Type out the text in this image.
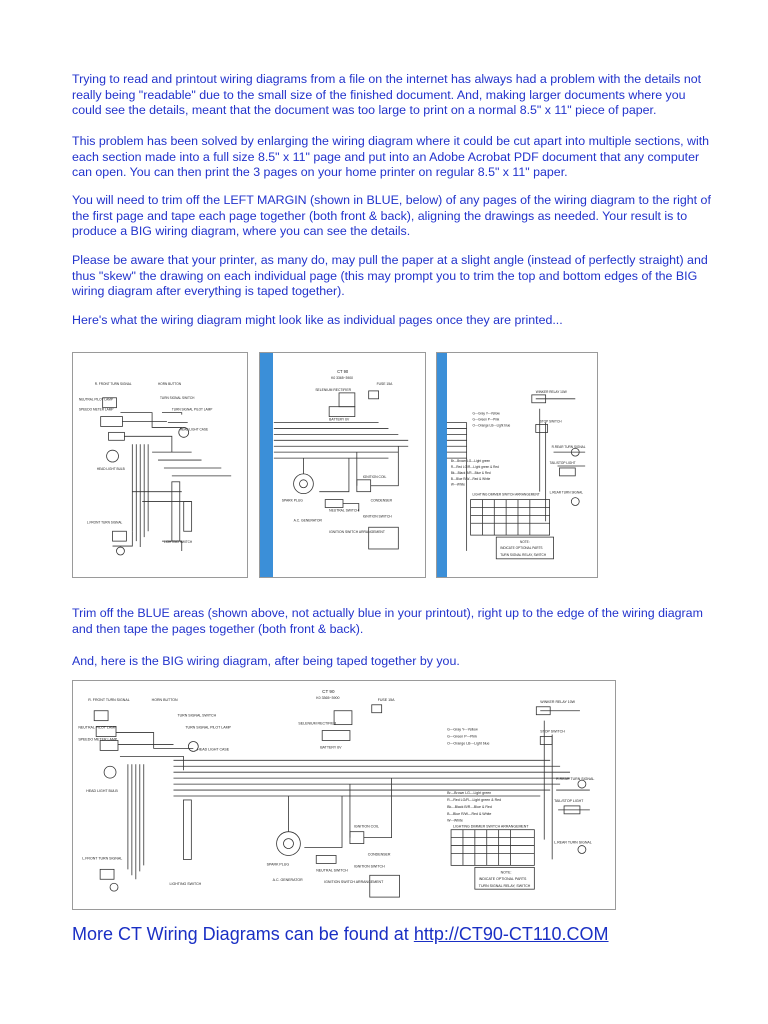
Trying to read and printout wiring diagrams from a file on the internet has always had a problem with the details not really being "readable" due to the small size of the finished document. And, making larger documents where you could see the details, meant that the document was too large to print on a normal 8.5" x 11" piece of paper.

This problem has been solved by enlarging the wiring diagram where it could be cut apart into multiple sections, with each section made into a full size 8.5" x 11" page and put into an Adobe Acrobat PDF document that any computer can open. You can then print the 3 pages on your home printer on regular 8.5" x 11" paper.

You will need to trim off the LEFT MARGIN (shown in BLUE, below) of any pages of the wiring diagram to the right of the first page and tape each page together (both front & back), aligning the drawings as needed. Your result is to produce a BIG wiring diagram, where you can see the details.

Please be aware that your printer, as many do, may pull the paper at a slight angle (instead of perfectly straight) and thus "skew" the drawing on each individual page (this may prompt you to trim the top and bottom edges of the BIG wiring diagram after everything is taped together).

Here's what the wiring diagram might look like as individual pages once they are printed...

R. FRONT TURN SIGNAL	HORN BUTTON
NEUTRAL PILOT LAMP
SPEEDO METER LAMP
TURN SIGNAL SWITCH
TURN SIGNAL PILOT LAMP
HEAD LIGHT CASE
HEAD LIGHT BULB
L.FRONT TURN SIGNAL
LIGHTING SWITCH
CT 90
K0 3365~3900
SELENIUM RECTIFIER
FUSE 15A
BATTERY 6V
IGNITION COIL
SPARK PLUG
A.C. GENERATOR
NEUTRAL SWITCH
CONDENSER
IGNITION SWITCH
IGNITION SWITCH ARRANGEMENT
WINKER RELAY 10W
STOP SWITCH
R.REAR TURN SIGNAL
TAIL/STOP LIGHT
L.REAR TURN SIGNAL
G---Gray Y---Yellow
G---Green P---Pink
O---Orange LB---Light blue
Br---Brown LG---Light green
R---Red LG/R---Light green & Red
Bk---Black B/R---Blue & Red
B---Blue R/W---Red & White
W---White
LIGHTING DIMMER SWITCH ARRANGEMENT
NOTE:
INDICATE OPTIONAL PARTS
TURN SIGNAL RELAY, SWITCH

Trim off the BLUE areas (shown above, not actually blue in your printout), right up to the edge of the wiring diagram and then tape the pages together (both front & back).

And, here is the BIG wiring diagram, after being taped together by you.

CT 90
K0 3365~3900
R. FRONT TURN SIGNAL	HORN BUTTON
NEUTRAL PILOT LAMP
SPEEDO METER LAMP
TURN SIGNAL SWITCH
TURN SIGNAL PILOT LAMP
HEAD LIGHT CASE
HEAD LIGHT BULB
L.FRONT TURN SIGNAL
LIGHTING SWITCH
SELENIUM RECTIFIER
FUSE 15A
BATTERY 6V
IGNITION COIL
SPARK PLUG
A.C. GENERATOR
NEUTRAL SWITCH
CONDENSER
IGNITION SWITCH
IGNITION SWITCH ARRANGEMENT
WINKER RELAY 10W
STOP SWITCH
R.REAR TURN SIGNAL
TAIL/STOP LIGHT
L.REAR TURN SIGNAL
G---Gray Y---Yellow
G---Green P---Pink
O---Orange LB---Light blue
Br---Brown LG---Light green
R---Red LG/R---Light green & Red
Bk---Black B/R---Blue & Red
B---Blue R/W---Red & White
W---White
LIGHTING DIMMER SWITCH ARRANGEMENT
NOTE:
INDICATE OPTIONAL PARTS
TURN SIGNAL RELAY, SWITCH
More CT Wiring Diagrams can be found at http://CT90-CT110.COM
